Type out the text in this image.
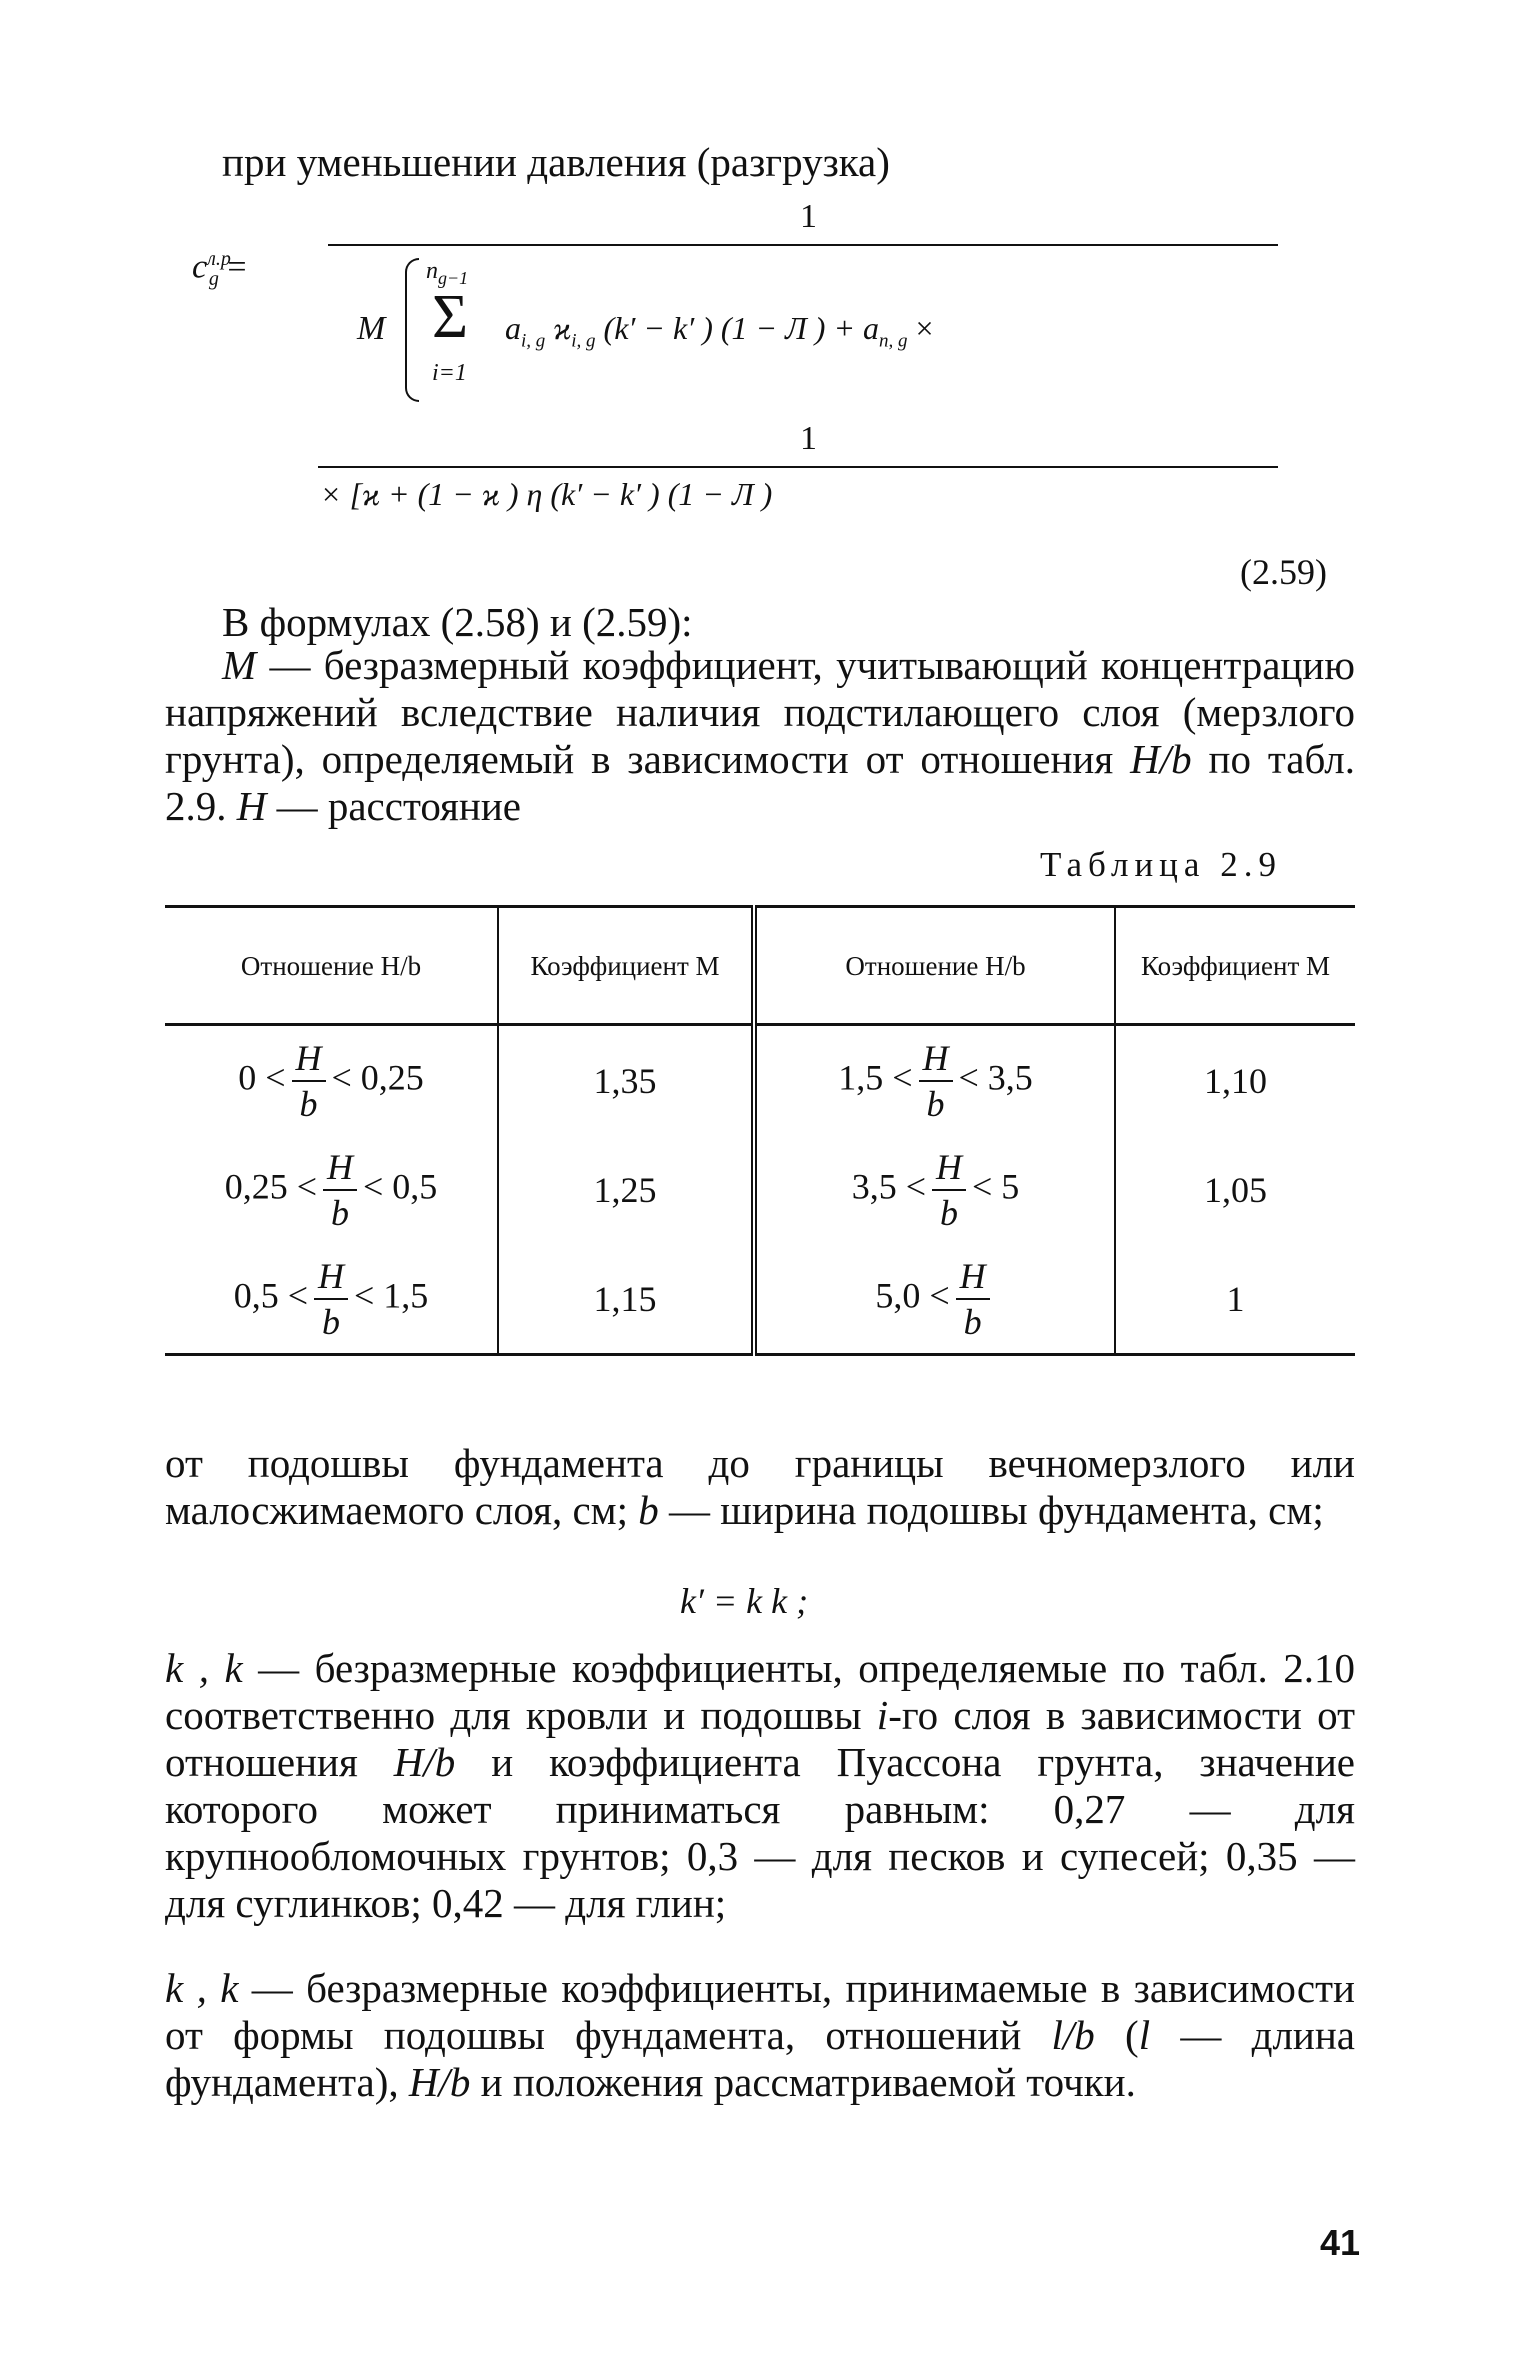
при уменьшении давления (разгрузка)
$c^{л.р}_g$ =
1
M
$n_{g-1}$
Σ
i=1
$a_{i, g}$ $ϰ_{i, g}$ (k′ − k′ ) (1 − Л ) + $a_{n, g}$ ×
1
× [ϰ + (1 − ϰ ) η (k′ − k′ ) (1 − Л )
(2.59)
В формулах (2.58) и (2.59):
М — безразмерный коэффициент, учитывающий концентрацию напряжений вследствие наличия подстилающего слоя (мерзлого грунта), определяемый в зависимости от отношения H/b по табл. 2.9. Н — расстояние
Таблица 2.9
Отношение H/b	Коэффициент М	Отношение H/b	Коэффициент М
$0 < \frac{H}{b} < 0,25$	1,35	$1,5 < \frac{H}{b} < 3,5$	1,10
$0,25 < \frac{H}{b} < 0,5$	1,25	$3,5 < \frac{H}{b} < 5$	1,05
$0,5 < \frac{H}{b} < 1,5$	1,15	$5,0 < \frac{H}{b}$	1
от подошвы фундамента до границы вечномерзлого или малосжимаемого слоя, см; b — ширина подошвы фундамента, см;
k′ = k k ;
k , k — безразмерные коэффициенты, определяемые по табл. 2.10 соответственно для кровли и подошвы i-го слоя в зависимости от отношения H/b и коэффициента Пуассона грунта, значение которого может приниматься равным: 0,27 — для крупнообломочных грунтов; 0,3 — для песков и супесей; 0,35 — для суглинков; 0,42 — для глин;
k , k — безразмерные коэффициенты, принимаемые в зависимости от формы подошвы фундамента, отношений l/b (l — длина фундамента), H/b и положения рассматриваемой точки.
41
